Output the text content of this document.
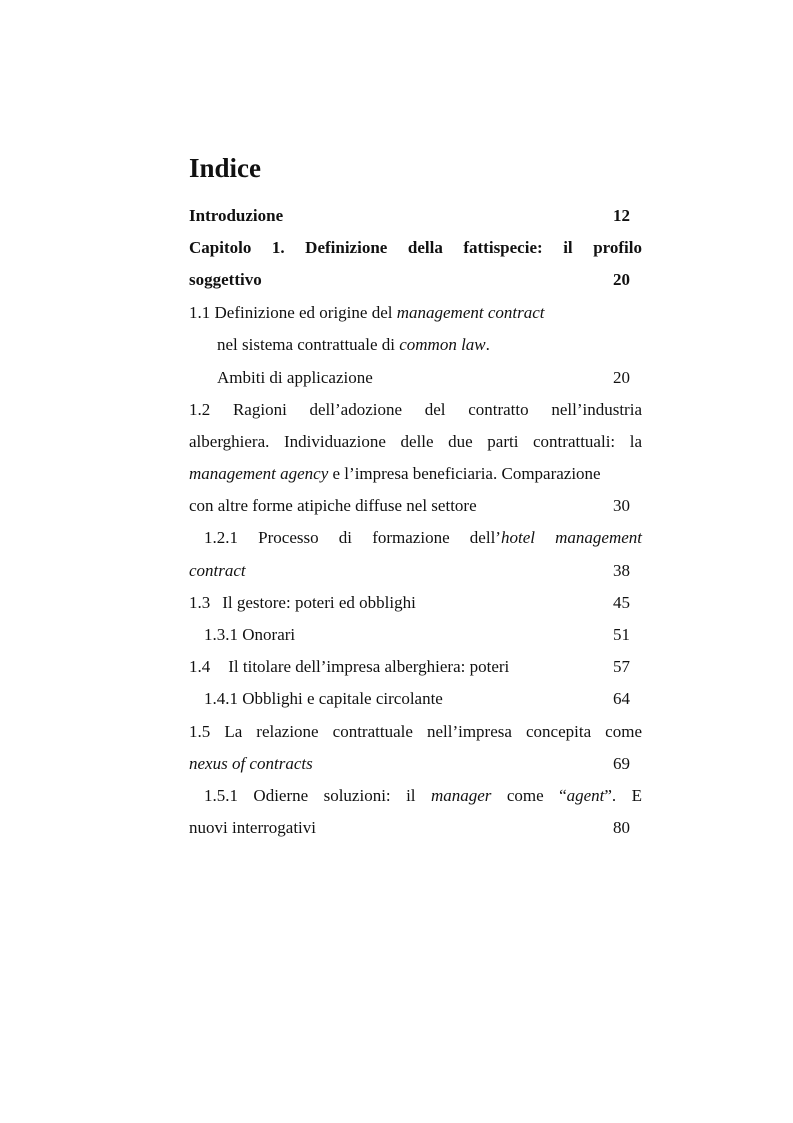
Indice
Introduzione	12
Capitolo 1. Definizione della fattispecie: il profilo
soggettivo	20
1.1 Definizione ed origine del management contract
nel sistema contrattuale di common law.
Ambiti di applicazione	20
1.2 Ragioni dell’adozione del contratto nell’industria
alberghiera. Individuazione delle due parti contrattuali: la
management agency e l’impresa beneficiaria. Comparazione
con altre forme atipiche diffuse nel settore	30
1.2.1 Processo di formazione dell’hotel management
contract	38
1.3 Il gestore: poteri ed obblighi	45
1.3.1 Onorari	51
1.4 Il titolare dell’impresa alberghiera: poteri	57
1.4.1 Obblighi e capitale circolante	64
1.5 La relazione contrattuale nell’impresa concepita come
nexus of contracts	69
1.5.1 Odierne soluzioni: il manager come “agent”. E
nuovi interrogativi	80
